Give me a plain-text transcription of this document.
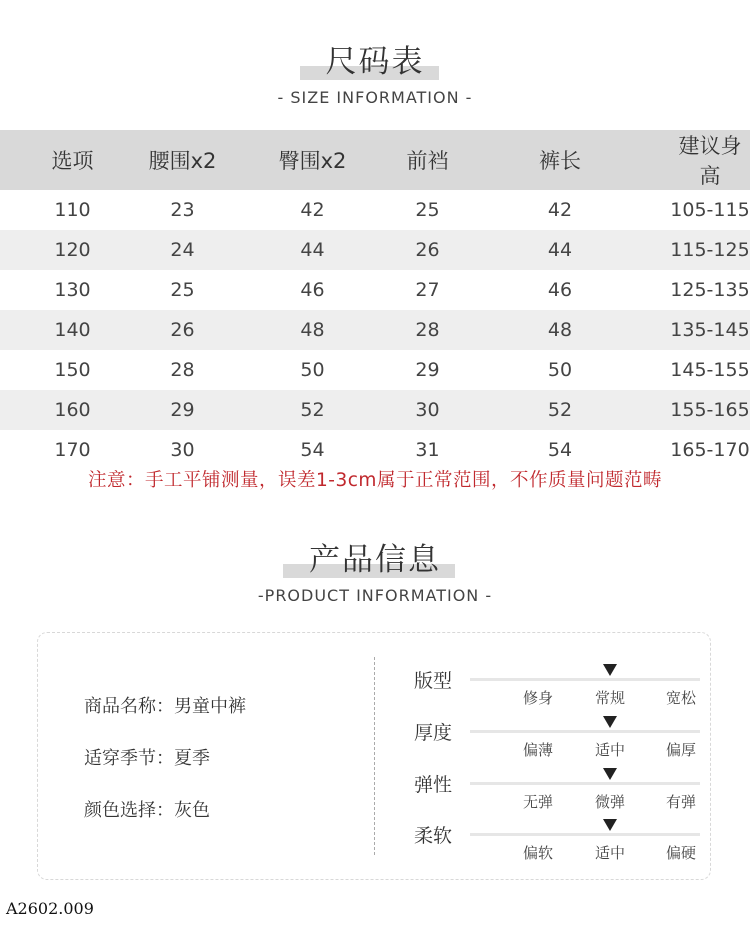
尺码表
- SIZE INFORMATION -
选项	腰围x2	臀围x2	前裆	裤长	建议身高
110	23	42	25	42	105-115
120	24	44	26	44	115-125
130	25	46	27	46	125-135
140	26	48	28	48	135-145
150	28	50	29	50	145-155
160	29	52	30	52	155-165
170	30	54	31	54	165-170
注意：手工平铺测量，误差1-3cm属于正常范围，不作质量问题范畴
产品信息
-PRODUCT INFORMATION -
商品名称：男童中裤
适穿季节：夏季
颜色选择：灰色
版型
修身	常规	宽松
厚度
偏薄	适中	偏厚
弹性
无弹	微弹	有弹
柔软
偏软	适中	偏硬
A2602.009
